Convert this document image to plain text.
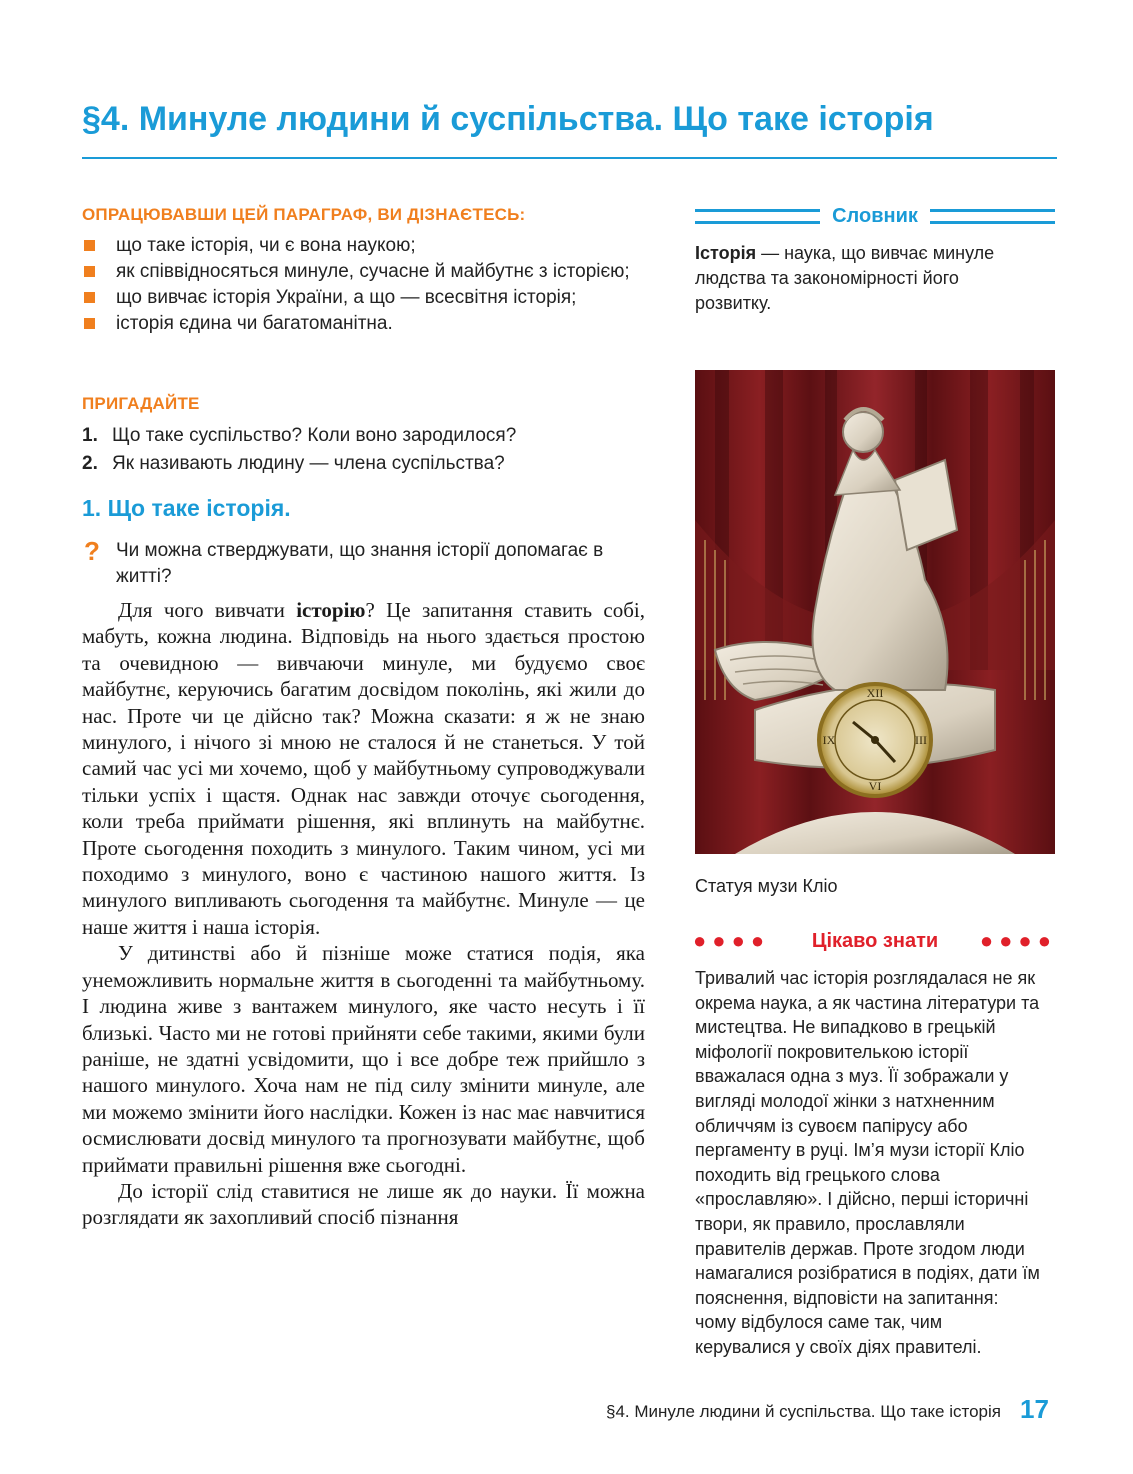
§4. Минуле людини й суспільства. Що таке історія
ОПРАЦЮВАВШИ ЦЕЙ ПАРАГРАФ, ВИ ДІЗНАЄТЕСЬ:
що таке історія, чи є вона наукою;
як співвідносяться минуле, сучасне й майбутнє з історією;
що вивчає історія України, а що — всесвітня історія;
історія єдина чи багатоманітна.
ПРИГАДАЙТЕ
1. Що таке суспільство? Коли воно зародилося?
2. Як називають людину — члена суспільства?
1. Що таке історія.
? Чи можна стверджувати, що знання історії допомагає в житті?

Для чого вивчати історію? Це запитання ставить собі, мабуть, кожна людина. Відповідь на нього здається простою та очевидною — вивчаючи минуле, ми будуємо своє майбутнє, керуючись багатим досвідом поколінь, які жили до нас. Проте чи це дійсно так? Можна сказати: я ж не знаю минулого, і нічого зі мною не сталося й не станеться. У той самий час усі ми хочемо, щоб у майбутньому супроводжували тільки успіх і щастя. Однак нас завжди оточує сьогодення, коли треба приймати рішення, які вплинуть на майбутнє. Проте сьогодення походить з минулого. Таким чином, усі ми походимо з минулого, воно є частиною нашого життя. Із минулого випливають сьогодення та майбутнє. Минуле — це наше життя і наша історія.

У дитинстві або й пізніше може статися подія, яка унеможливить нормальне життя в сьогоденні та майбутньому. І людина живе з вантажем минулого, яке часто несуть і її близькі. Часто ми не готові прийняти себе такими, якими були раніше, не здатні усвідомити, що і все добре теж прийшло з нашого минулого. Хоча нам не під силу змінити минуле, але ми можемо змінити його наслідки. Кожен із нас має навчитися осмислювати досвід минулого та прогнозувати майбутнє, щоб приймати правильні рішення вже сьогодні.

До історії слід ставитися не лише як до науки. Її можна розглядати як захопливий спосіб пізнання

Словник
Історія — наука, що вивчає минуле людства та закономірності його розвитку.
XII
III
VI
IX
Статуя музи Кліо
●●●● Цікаво знати ●●●●
Тривалий час історія розглядалася не як окрема наука, а як частина літератури та мистецтва. Не випадково в грецькій міфології покровителькою історії вважалася одна з муз. Її зображали у вигляді молодої жінки з натхненним обличчям із сувоєм папірусу або пергаменту в руці. Ім’я музи історії Кліо походить від грецького слова «прославляю». І дійсно, перші історичні твори, як правило, прославляли правителів держав. Проте згодом люди намагалися розібратися в подіях, дати їм пояснення, відповісти на запитання: чому відбулося саме так, чим керувалися у своїх діях правителі.
§4. Минуле людини й суспільства. Що таке історія 17
